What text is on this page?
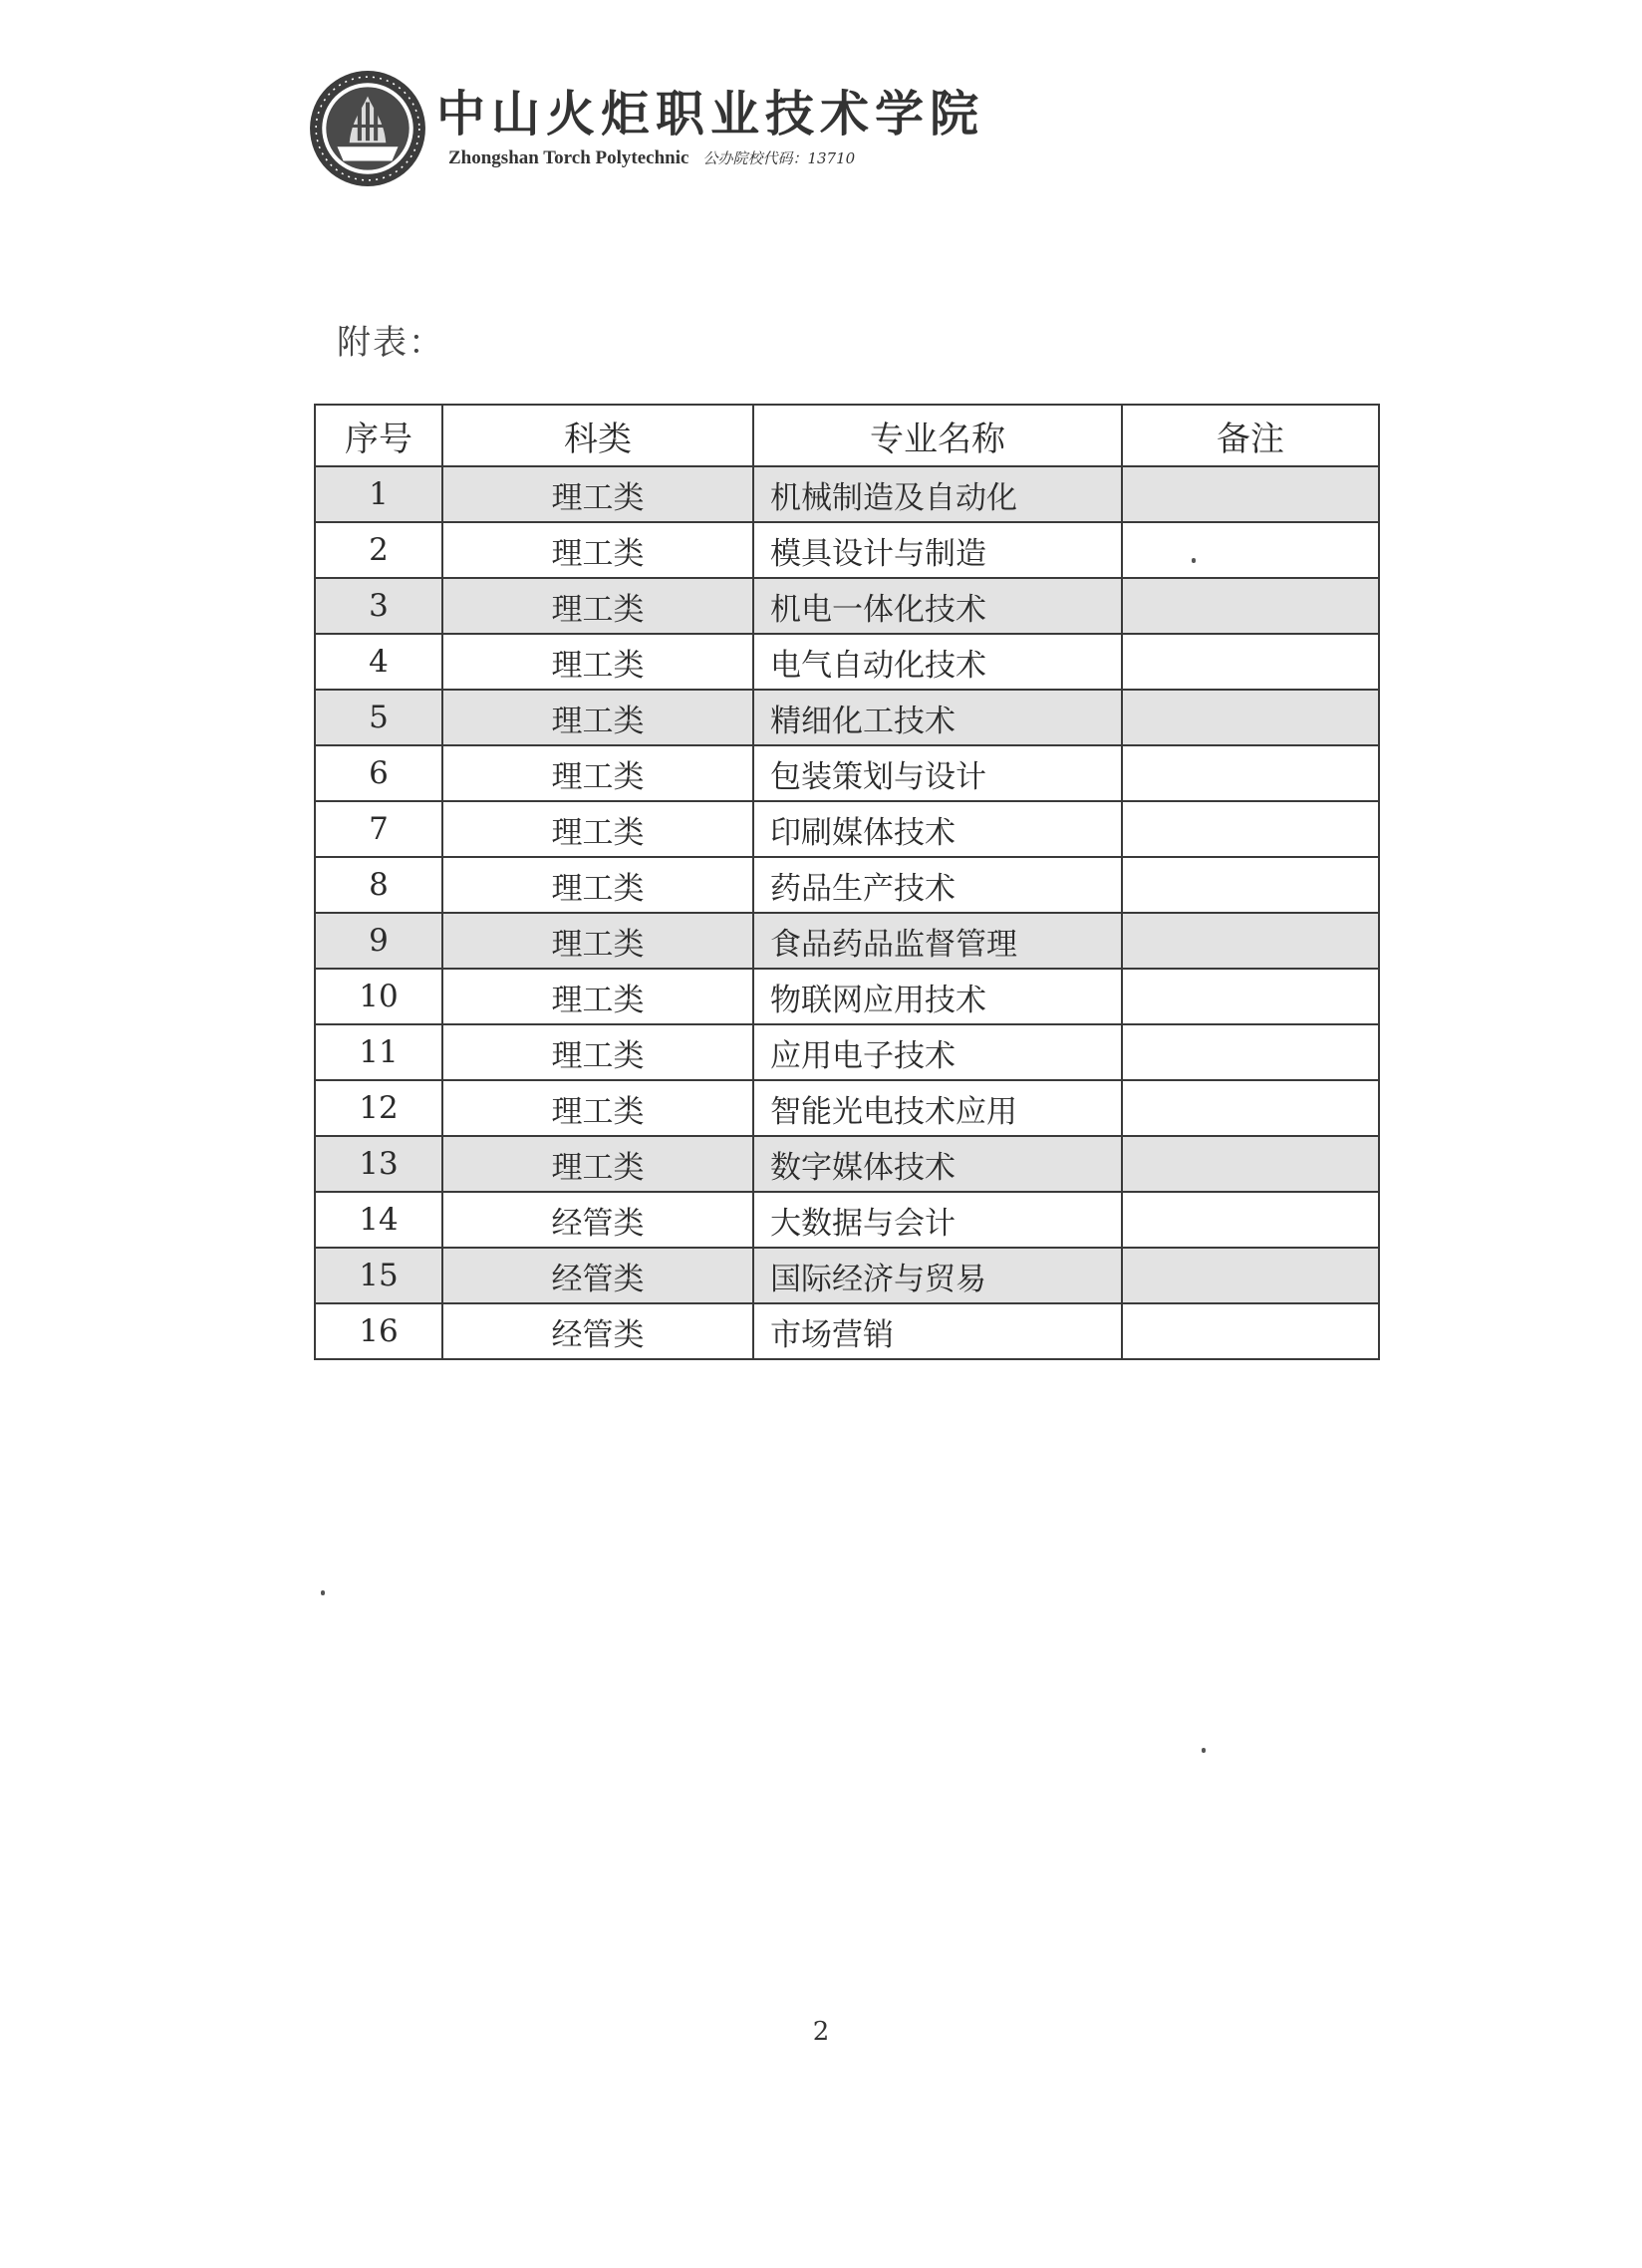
中山火炬职业技术学院
Zhongshan Torch Polytechnic 公办院校代码：13710
附表：
序号	科类	专业名称	备注
1	理工类	机械制造及自动化	
2	理工类	模具设计与制造	
3	理工类	机电一体化技术	
4	理工类	电气自动化技术	
5	理工类	精细化工技术	
6	理工类	包装策划与设计	
7	理工类	印刷媒体技术	
8	理工类	药品生产技术	
9	理工类	食品药品监督管理	
10	理工类	物联网应用技术	
11	理工类	应用电子技术	
12	理工类	智能光电技术应用	
13	理工类	数字媒体技术	
14	经管类	大数据与会计	
15	经管类	国际经济与贸易	
16	经管类	市场营销	
2
